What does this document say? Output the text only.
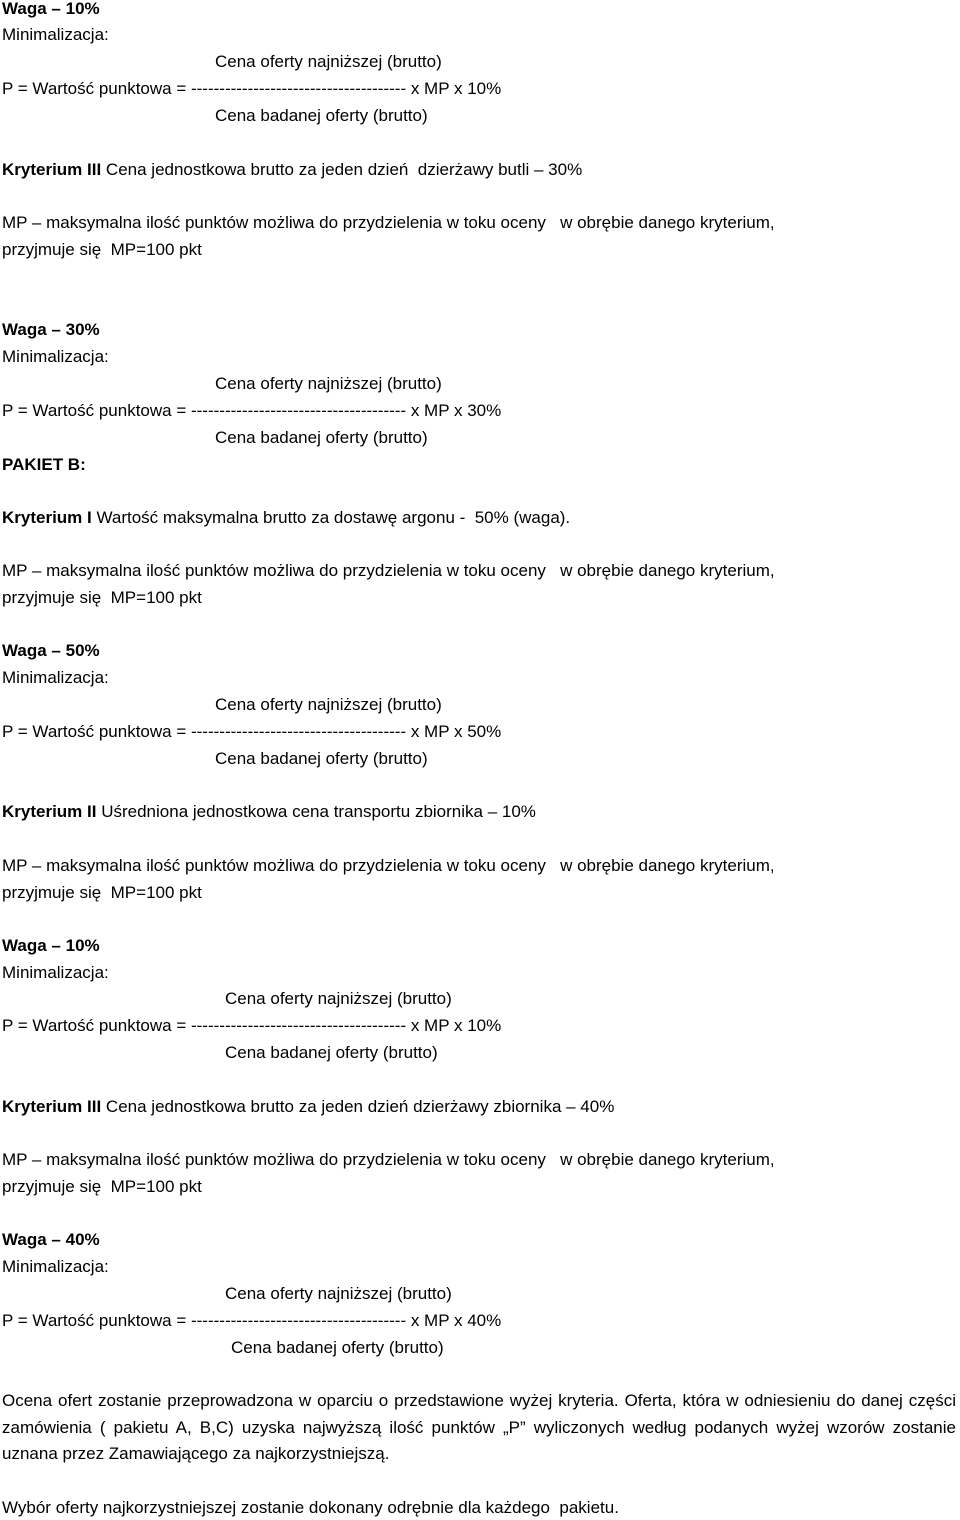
Waga – 10%
Minimalizacja:
Cena oferty najniższej (brutto)
P = Wartość punktowa = -------------------------------------- x MP x 10%
Cena badanej oferty (brutto)
Kryterium III Cena jednostkowa brutto za jeden dzień  dzierżawy butli – 30%
MP – maksymalna ilość punktów możliwa do przydzielenia w toku oceny   w obrębie danego kryterium,
przyjmuje się  MP=100 pkt
Waga – 30%
Minimalizacja:
Cena oferty najniższej (brutto)
P = Wartość punktowa = -------------------------------------- x MP x 30%
Cena badanej oferty (brutto)
PAKIET B:
Kryterium I Wartość maksymalna brutto za dostawę argonu -  50% (waga).
MP – maksymalna ilość punktów możliwa do przydzielenia w toku oceny   w obrębie danego kryterium,
przyjmuje się  MP=100 pkt
Waga – 50%
Minimalizacja:
Cena oferty najniższej (brutto)
P = Wartość punktowa = -------------------------------------- x MP x 50%
Cena badanej oferty (brutto)
Kryterium II Uśredniona jednostkowa cena transportu zbiornika – 10%
MP – maksymalna ilość punktów możliwa do przydzielenia w toku oceny   w obrębie danego kryterium,
przyjmuje się  MP=100 pkt
Waga – 10%
Minimalizacja:
Cena oferty najniższej (brutto)
P = Wartość punktowa = -------------------------------------- x MP x 10%
Cena badanej oferty (brutto)
Kryterium III Cena jednostkowa brutto za jeden dzień dzierżawy zbiornika – 40%
MP – maksymalna ilość punktów możliwa do przydzielenia w toku oceny   w obrębie danego kryterium,
przyjmuje się  MP=100 pkt
Waga – 40%
Minimalizacja:
Cena oferty najniższej (brutto)
P = Wartość punktowa = -------------------------------------- x MP x 40%
Cena badanej oferty (brutto)

Ocena ofert zostanie przeprowadzona w oparciu o przedstawione wyżej kryteria. Oferta, która w odniesieniu do danej części zamówienia ( pakietu A, B,C) uzyska najwyższą ilość punktów „P” wyliczonych według podanych wyżej wzorów zostanie uznana przez Zamawiającego za najkorzystniejszą.

Wybór oferty najkorzystniejszej zostanie dokonany odrębnie dla każdego  pakietu.
